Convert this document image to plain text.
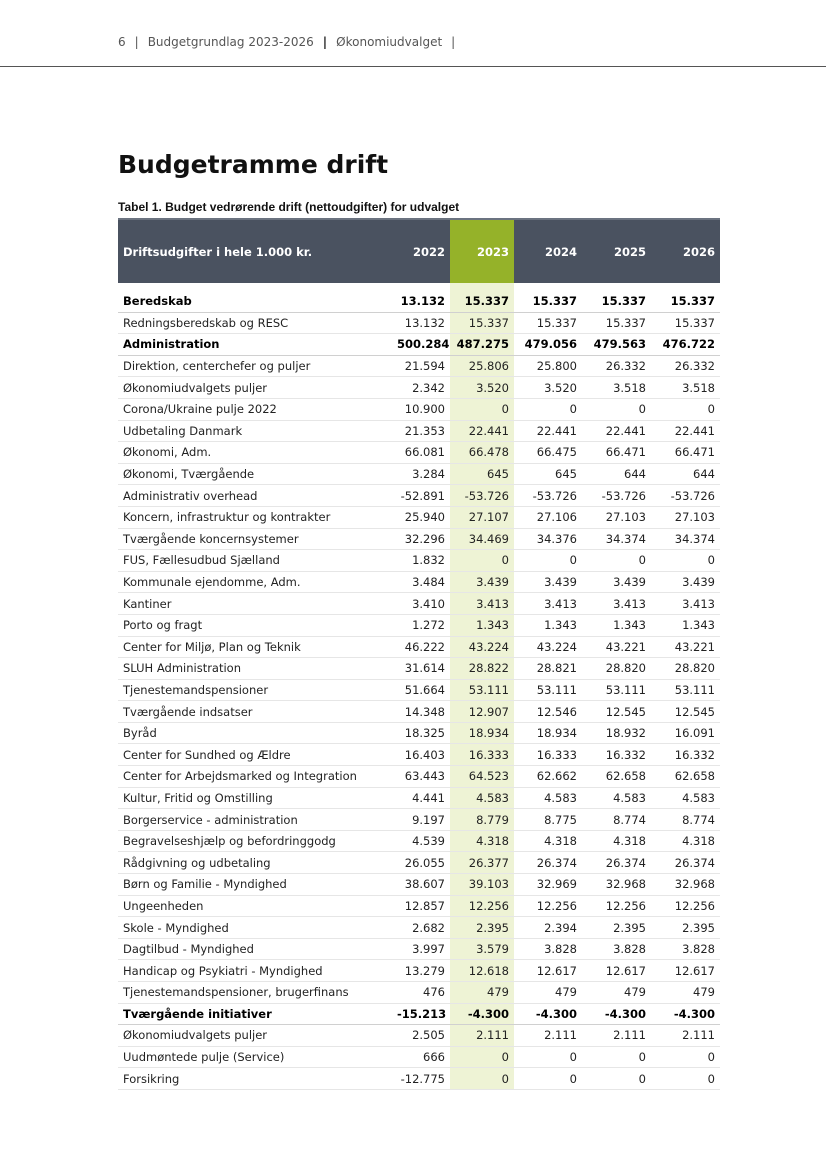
6 | Budgetgrundlag 2023-2026 | Økonomiudvalget |
Budgetramme drift

Tabel 1. Budget vedrørende drift (nettoudgifter) for udvalget

Driftsudgifter i hele 1.000 kr.	2022	2023	2024	2025	2026

Beredskab	13.132	15.337	15.337	15.337	15.337
Redningsberedskab og RESC	13.132	15.337	15.337	15.337	15.337
Administration	500.284	487.275	479.056	479.563	476.722
Direktion, centerchefer og puljer	21.594	25.806	25.800	26.332	26.332
Økonomiudvalgets puljer	2.342	3.520	3.520	3.518	3.518
Corona/Ukraine pulje 2022	10.900	0	0	0	0
Udbetaling Danmark	21.353	22.441	22.441	22.441	22.441
Økonomi, Adm.	66.081	66.478	66.475	66.471	66.471
Økonomi, Tværgående	3.284	645	645	644	644
Administrativ overhead	-52.891	-53.726	-53.726	-53.726	-53.726
Koncern, infrastruktur og kontrakter	25.940	27.107	27.106	27.103	27.103
Tværgående koncernsystemer	32.296	34.469	34.376	34.374	34.374
FUS, Fællesudbud Sjælland	1.832	0	0	0	0
Kommunale ejendomme, Adm.	3.484	3.439	3.439	3.439	3.439
Kantiner	3.410	3.413	3.413	3.413	3.413
Porto og fragt	1.272	1.343	1.343	1.343	1.343
Center for Miljø, Plan og Teknik	46.222	43.224	43.224	43.221	43.221
SLUH Administration	31.614	28.822	28.821	28.820	28.820
Tjenestemandspensioner	51.664	53.111	53.111	53.111	53.111
Tværgående indsatser	14.348	12.907	12.546	12.545	12.545
Byråd	18.325	18.934	18.934	18.932	16.091
Center for Sundhed og Ældre	16.403	16.333	16.333	16.332	16.332
Center for Arbejdsmarked og Integration	63.443	64.523	62.662	62.658	62.658
Kultur, Fritid og Omstilling	4.441	4.583	4.583	4.583	4.583
Borgerservice - administration	9.197	8.779	8.775	8.774	8.774
Begravelseshjælp og befordringgodg	4.539	4.318	4.318	4.318	4.318
Rådgivning og udbetaling	26.055	26.377	26.374	26.374	26.374
Børn og Familie - Myndighed	38.607	39.103	32.969	32.968	32.968
Ungeenheden	12.857	12.256	12.256	12.256	12.256
Skole - Myndighed	2.682	2.395	2.394	2.395	2.395
Dagtilbud - Myndighed	3.997	3.579	3.828	3.828	3.828
Handicap og Psykiatri - Myndighed	13.279	12.618	12.617	12.617	12.617
Tjenestemandspensioner, brugerfinans	476	479	479	479	479
Tværgående initiativer	-15.213	-4.300	-4.300	-4.300	-4.300
Økonomiudvalgets puljer	2.505	2.111	2.111	2.111	2.111
Uudmøntede pulje (Service)	666	0	0	0	0
Forsikring	-12.775	0	0	0	0
